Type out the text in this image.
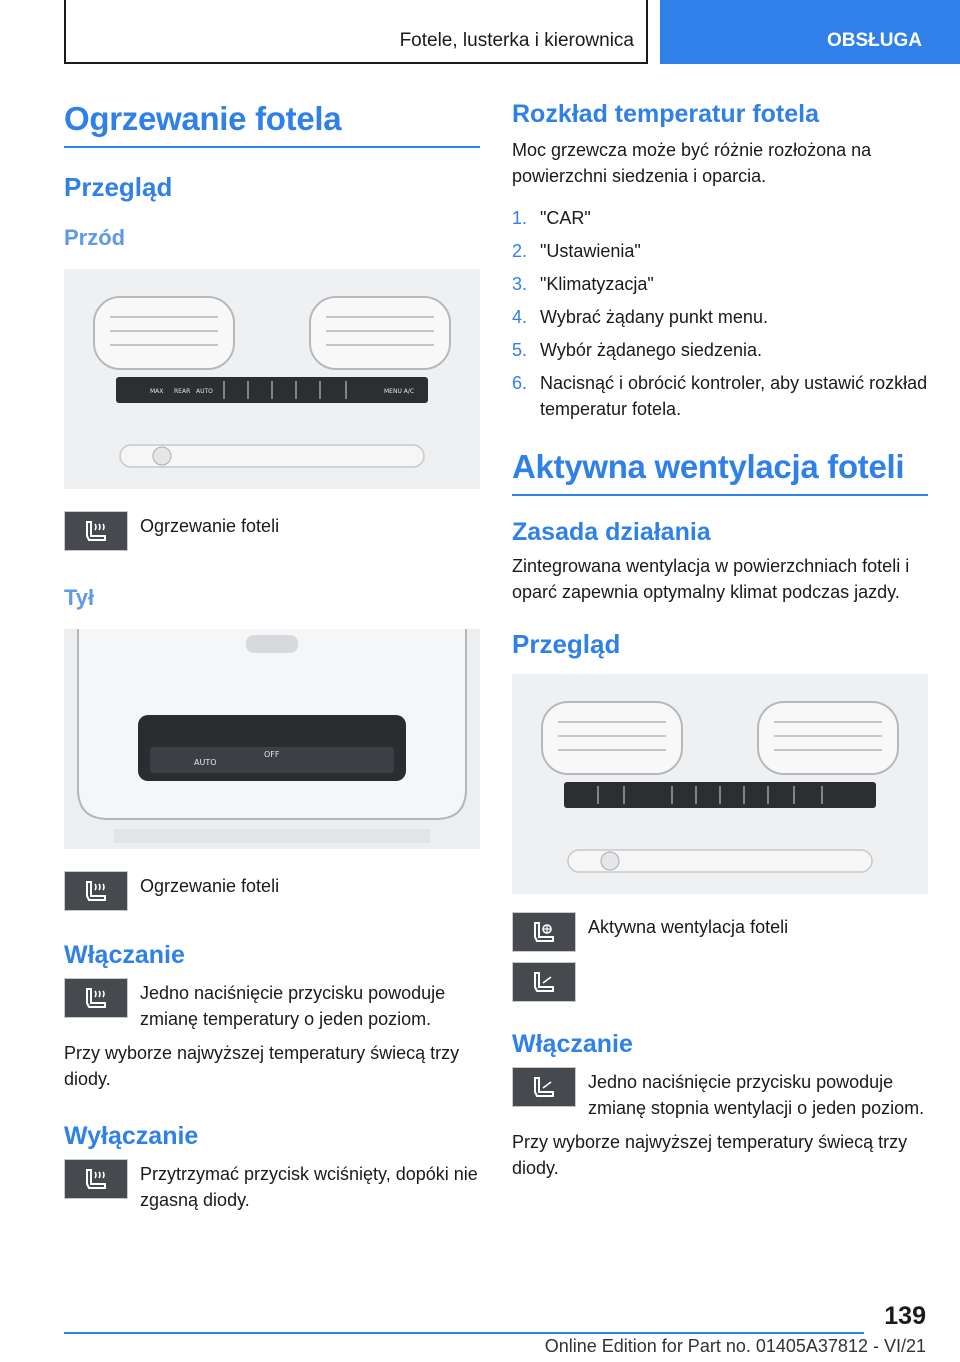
Fotele, lusterka i kierownica	OBSŁUGA
Ogrzewanie fotela
Przegląd
Przód
MAX REAR AUTO	MENU A/C

Ogrzewanie foteli

Tył
AUTO
OFF

Ogrzewanie foteli

Włączanie

Jedno naciśnięcie przycisku powoduje zmianę temperatury o jeden poziom.

Przy wyborze najwyższej temperatury świecą trzy diody.

Wyłączanie

Przytrzymać przycisk wciśnięty, dopóki nie zgasną diody.

Rozkład temperatur fotela

Moc grzewcza może być różnie rozłożona na powierzchni siedzenia i oparcia.

1. "CAR"
2. "Ustawienia"
3. "Klimatyzacja"
4. Wybrać żądany punkt menu.
5. Wybór żądanego siedzenia.
6. Nacisnąć i obrócić kontroler, aby ustawić rozkład temperatur fotela.
Aktywna wentylacja foteli
Zasada działania

Zintegrowana wentylacja w powierzchniach foteli i oparć zapewnia optymalny klimat podczas jazdy.

Przegląd

Aktywna wentylacja foteli

Włączanie

Jedno naciśnięcie przycisku powoduje zmianę stopnia wentylacji o jeden poziom.

Przy wyborze najwyższej temperatury świecą trzy diody.

139
Online Edition for Part no. 01405A37812 - VI/21
